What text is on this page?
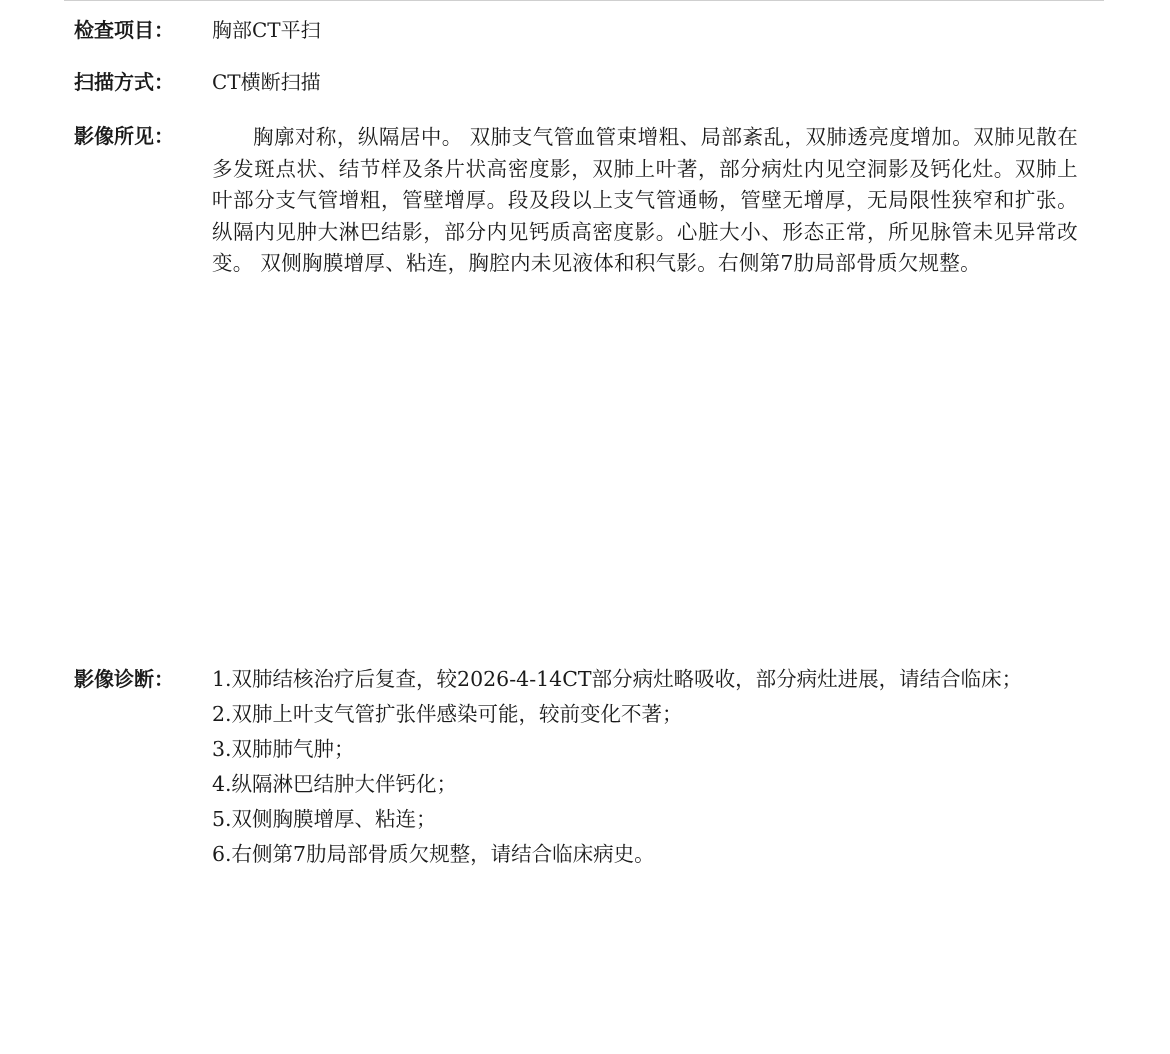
检查项目： 胸部CT平扫
扫描方式： CT横断扫描
影像所见：	胸廓对称，纵隔居中。 双肺支气管血管束增粗、局部紊乱，双肺透亮度增加。双肺见散在多发斑点状、结节样及条片状高密度影，双肺上叶著，部分病灶内见空洞影及钙化灶。双肺上叶部分支气管增粗，管壁增厚。段及段以上支气管通畅，管壁无增厚，无局限性狭窄和扩张。纵隔内见肿大淋巴结影，部分内见钙质高密度影。心脏大小、形态正常，所见脉管未见异常改变。 双侧胸膜增厚、粘连，胸腔内未见液体和积气影。右侧第7肋局部骨质欠规整。
影像诊断： 1.双肺结核治疗后复查，较2026-4-14CT部分病灶略吸收，部分病灶进展，请结合临床；
2.双肺上叶支气管扩张伴感染可能，较前变化不著；
3.双肺肺气肿；
4.纵隔淋巴结肿大伴钙化；
5.双侧胸膜增厚、粘连；
6.右侧第7肋局部骨质欠规整，请结合临床病史。
